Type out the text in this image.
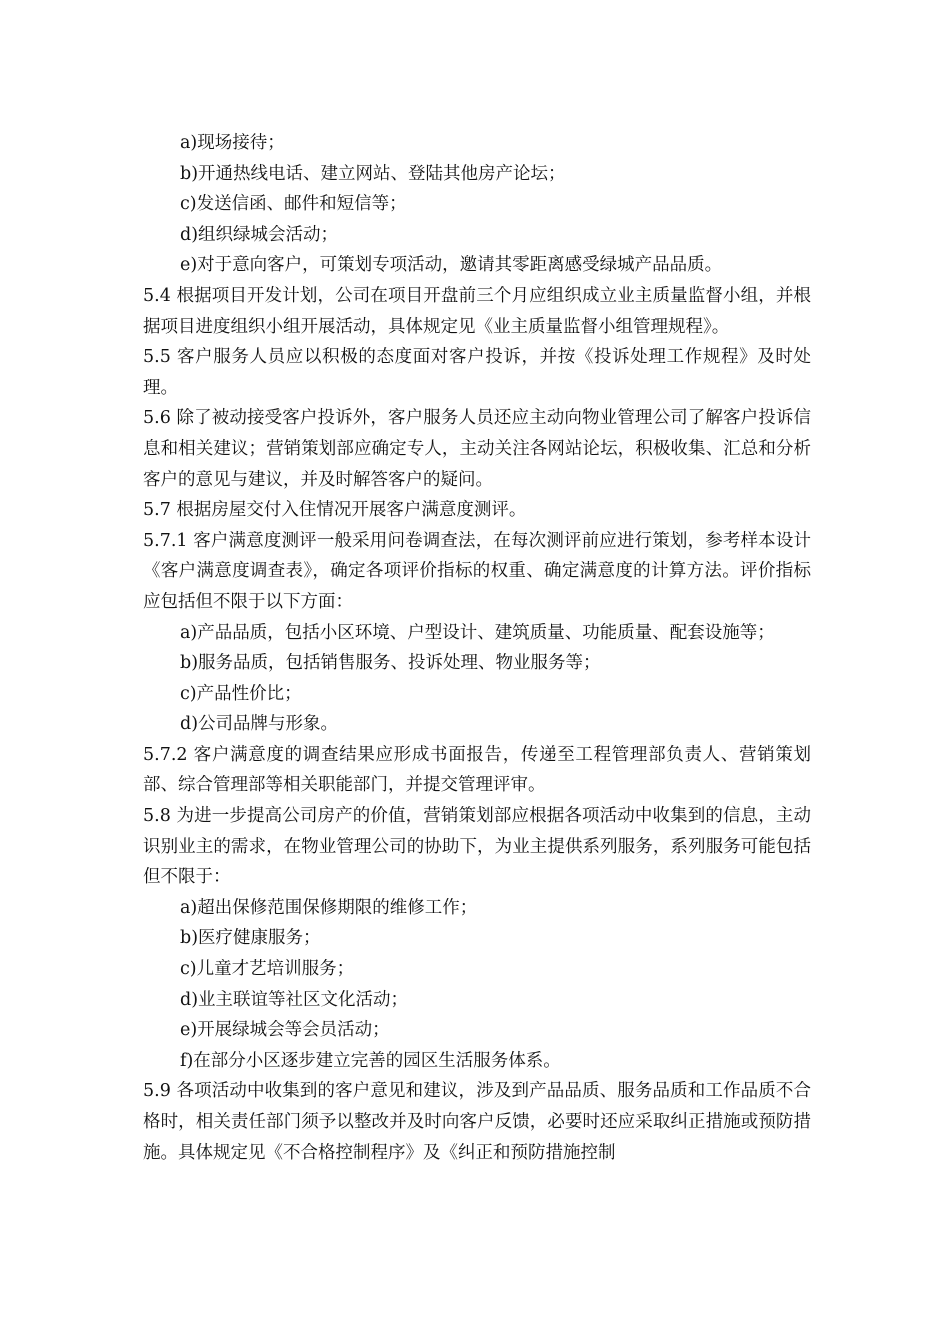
a)现场接待；

b)开通热线电话、建立网站、登陆其他房产论坛；

c)发送信函、邮件和短信等；

d)组织绿城会活动；

e)对于意向客户，可策划专项活动，邀请其零距离感受绿城产品品质。

5.4 根据项目开发计划，公司在项目开盘前三个月应组织成立业主质量监督小组，并根据项目进度组织小组开展活动，具体规定见《业主质量监督小组管理规程》。

5.5 客户服务人员应以积极的态度面对客户投诉，并按《投诉处理工作规程》及时处理。

5.6 除了被动接受客户投诉外，客户服务人员还应主动向物业管理公司了解客户投诉信息和相关建议；营销策划部应确定专人，主动关注各网站论坛，积极收集、汇总和分析客户的意见与建议，并及时解答客户的疑问。

5.7 根据房屋交付入住情况开展客户满意度测评。

5.7.1 客户满意度测评一般采用问卷调查法，在每次测评前应进行策划，参考样本设计《客户满意度调查表》，确定各项评价指标的权重、确定满意度的计算方法。评价指标应包括但不限于以下方面：

a)产品品质，包括小区环境、户型设计、建筑质量、功能质量、配套设施等；

b)服务品质，包括销售服务、投诉处理、物业服务等；

c)产品性价比；

d)公司品牌与形象。

5.7.2 客户满意度的调查结果应形成书面报告，传递至工程管理部负责人、营销策划部、综合管理部等相关职能部门，并提交管理评审。

5.8 为进一步提高公司房产的价值，营销策划部应根据各项活动中收集到的信息，主动识别业主的需求，在物业管理公司的协助下，为业主提供系列服务，系列服务可能包括但不限于：

a)超出保修范围保修期限的维修工作；

b)医疗健康服务；

c)儿童才艺培训服务；

d)业主联谊等社区文化活动；

e)开展绿城会等会员活动；

f)在部分小区逐步建立完善的园区生活服务体系。

5.9 各项活动中收集到的客户意见和建议，涉及到产品品质、服务品质和工作品质不合格时，相关责任部门须予以整改并及时向客户反馈，必要时还应采取纠正措施或预防措施。具体规定见《不合格控制程序》及《纠正和预防措施控制
